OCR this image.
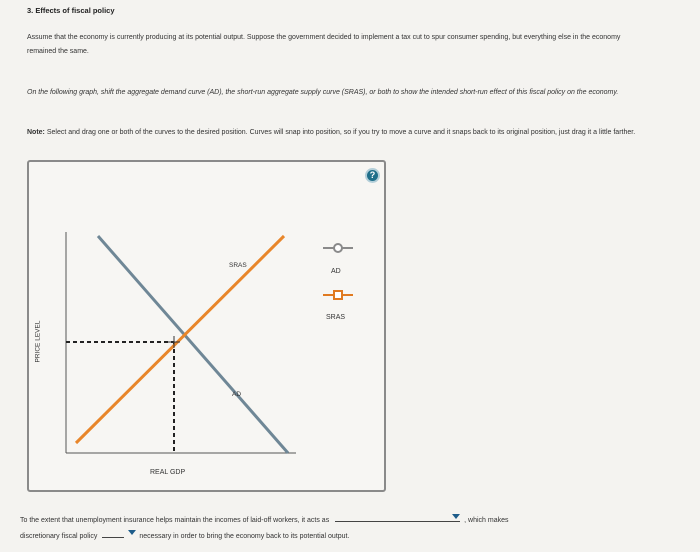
3. Effects of fiscal policy
Assume that the economy is currently producing at its potential output. Suppose the government decided to implement a tax cut to spur consumer spending, but everything else in the economy remained the same.
On the following graph, shift the aggregate demand curve (AD), the short-run aggregate supply curve (SRAS), or both to show the intended short-run effect of this fiscal policy on the economy.
Note: Select and drag one or both of the curves to the desired position. Curves will snap into position, so if you try to move a curve and it snaps back to its original position, just drag it a little farther.
?
PRICE LEVEL
REAL GDP
SRAS
AD
AD
SRAS
To the extent that unemployment insurance helps maintain the incomes of laid-off workers, it acts as	, which makes
discretionary fiscal policy	necessary in order to bring the economy back to its potential output.
